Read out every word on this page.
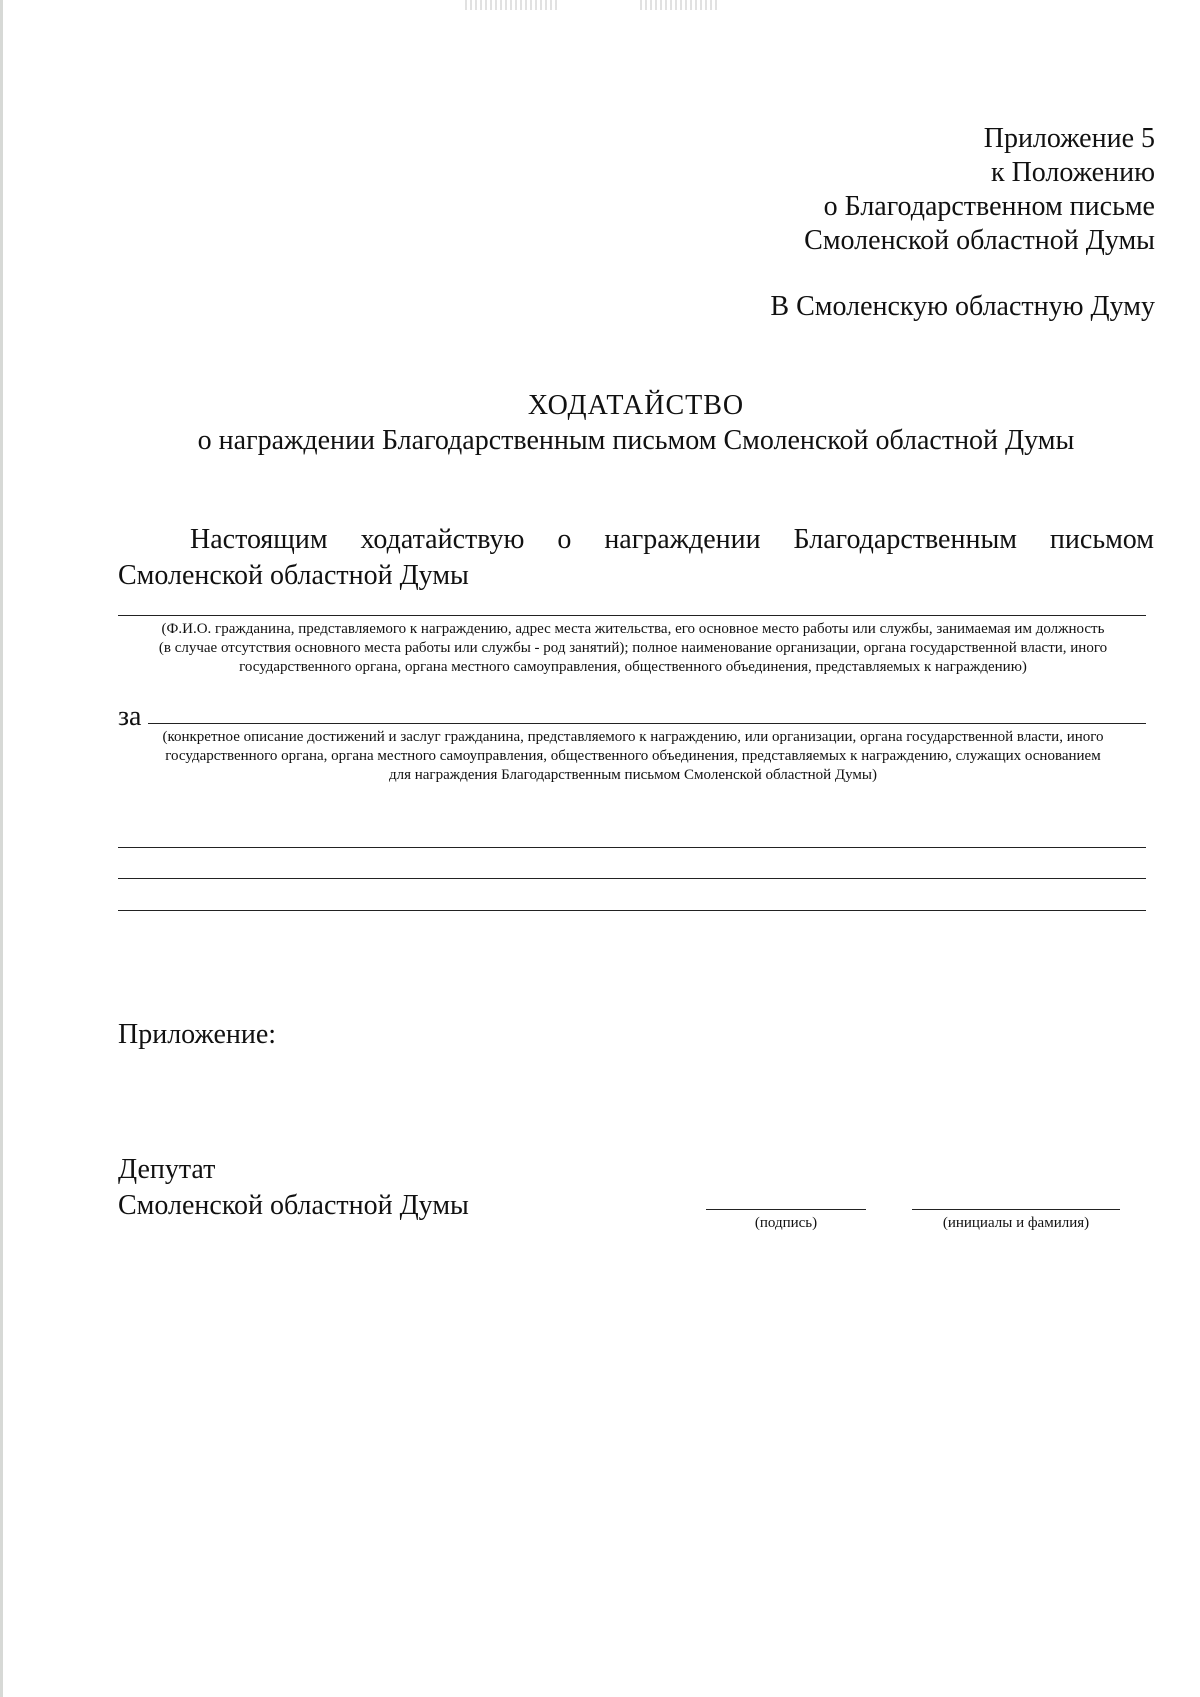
Приложение 5
к Положению
о Благодарственном письме
Смоленской областной Думы
В Смоленскую областную Думу
ХОДАТАЙСТВО
о награждении Благодарственным письмом Смоленской областной Думы
Настоящим ходатайствую о награждении Благодарственным письмом Смоленской областной Думы
(Ф.И.О. гражданина, представляемого к награждению, адрес места жительства, его основное место работы или службы, занимаемая им должность
(в случае отсутствия основного места работы или службы - род занятий); полное наименование организации, органа государственной власти, иного
государственного органа, органа местного самоуправления, общественного объединения, представляемых к награждению)
за
(конкретное описание достижений и заслуг гражданина, представляемого к награждению, или организации, органа государственной власти, иного
государственного органа, органа местного самоуправления, общественного объединения, представляемых к награждению, служащих основанием
для награждения Благодарственным письмом Смоленской областной Думы)
Приложение:
Депутат
Смоленской областной Думы
(подпись)	(инициалы и фамилия)
